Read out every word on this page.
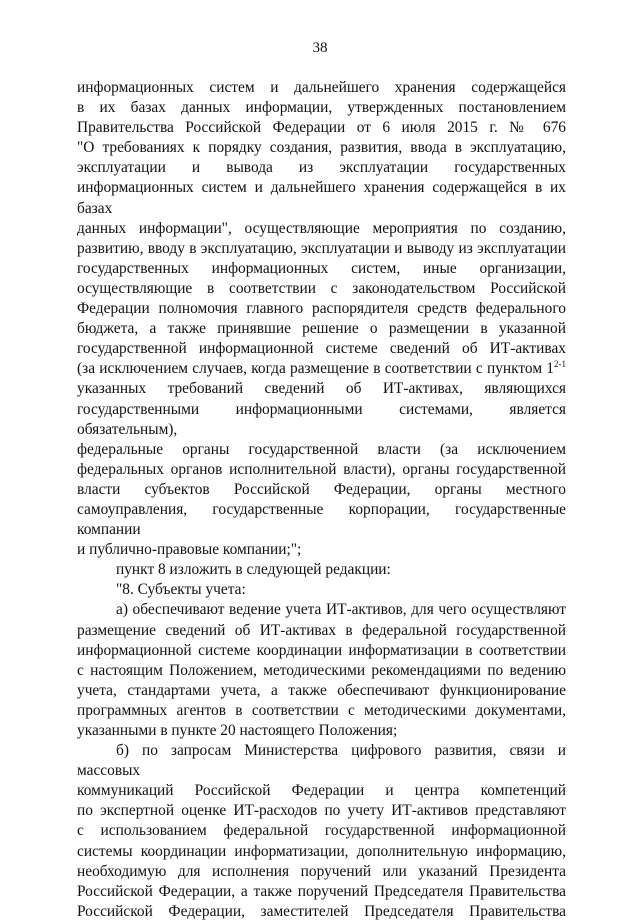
38

информационных систем и дальнейшего хранения содержащейся

в их базах данных информации, утвержденных постановлением

Правительства Российской Федерации от 6 июля 2015 г. № 676

"О требованиях к порядку создания, развития, ввода в эксплуатацию,

эксплуатации и вывода из эксплуатации государственных

информационных систем и дальнейшего хранения содержащейся в их базах

данных информации", осуществляющие мероприятия по созданию,

развитию, вводу в эксплуатацию, эксплуатации и выводу из эксплуатации

государственных информационных систем, иные организации,

осуществляющие в соответствии с законодательством Российской

Федерации полномочия главного распорядителя средств федерального

бюджета, а также принявшие решение о размещении в указанной

государственной информационной системе сведений об ИТ-активах

(за исключением случаев, когда размещение в соответствии с пунктом 1$^{2-1}$

указанных требований сведений об ИТ-активах, являющихся

государственными информационными системами, является обязательным),

федеральные органы государственной власти (за исключением

федеральных органов исполнительной власти), органы государственной

власти субъектов Российской Федерации, органы местного

самоуправления, государственные корпорации, государственные компании

и публично-правовые компании;";

пункт 8 изложить в следующей редакции:

"8. Субъекты учета:

а) обеспечивают ведение учета ИТ-активов, для чего осуществляют

размещение сведений об ИТ-активах в федеральной государственной

информационной системе координации информатизации в соответствии

с настоящим Положением, методическими рекомендациями по ведению

учета, стандартами учета, а также обеспечивают функционирование

программных агентов в соответствии с методическими документами,

указанными в пункте 20 настоящего Положения;

б) по запросам Министерства цифрового развития, связи и массовых

коммуникаций Российской Федерации и центра компетенций

по экспертной оценке ИТ-расходов по учету ИТ-активов представляют

с использованием федеральной государственной информационной

системы координации информатизации, дополнительную информацию,

необходимую для исполнения поручений или указаний Президента

Российской Федерации, а также поручений Председателя Правительства

Российской Федерации, заместителей Председателя Правительства
